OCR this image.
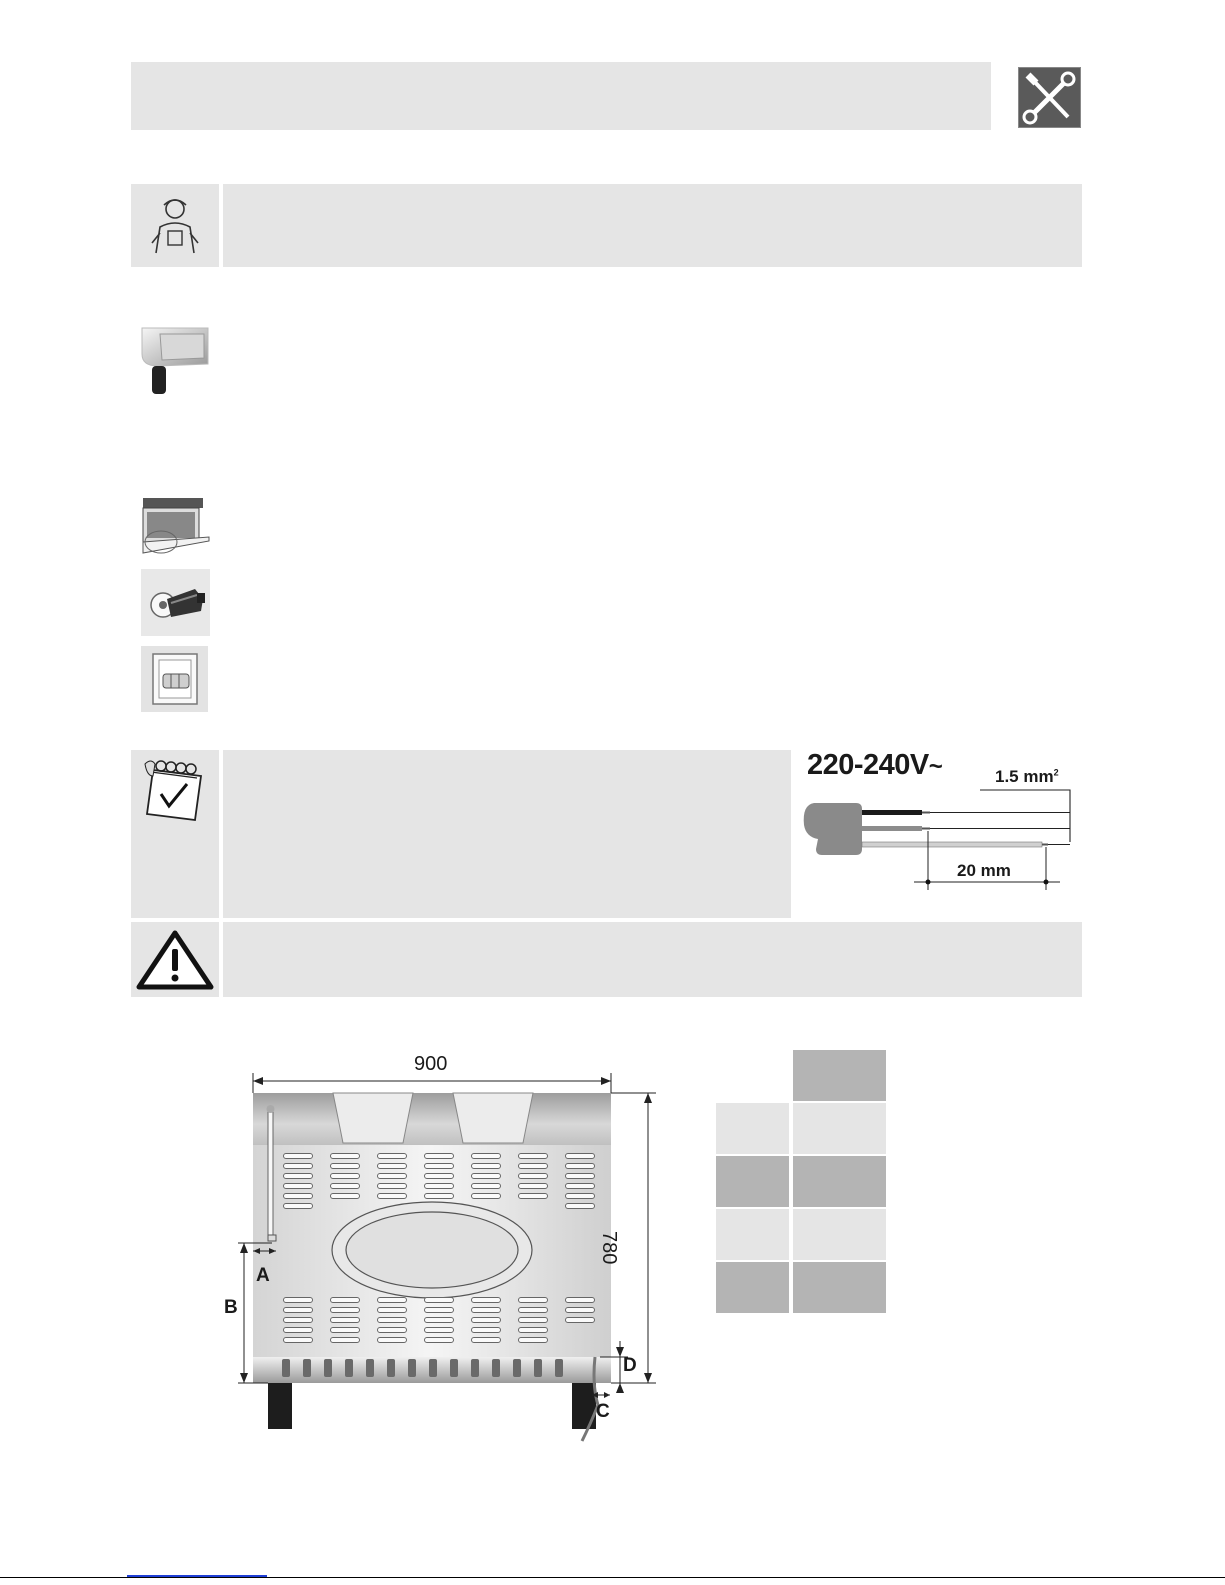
220-240V~	1.5 $mm^2$
20 mm
900
780
A
B
C
D
